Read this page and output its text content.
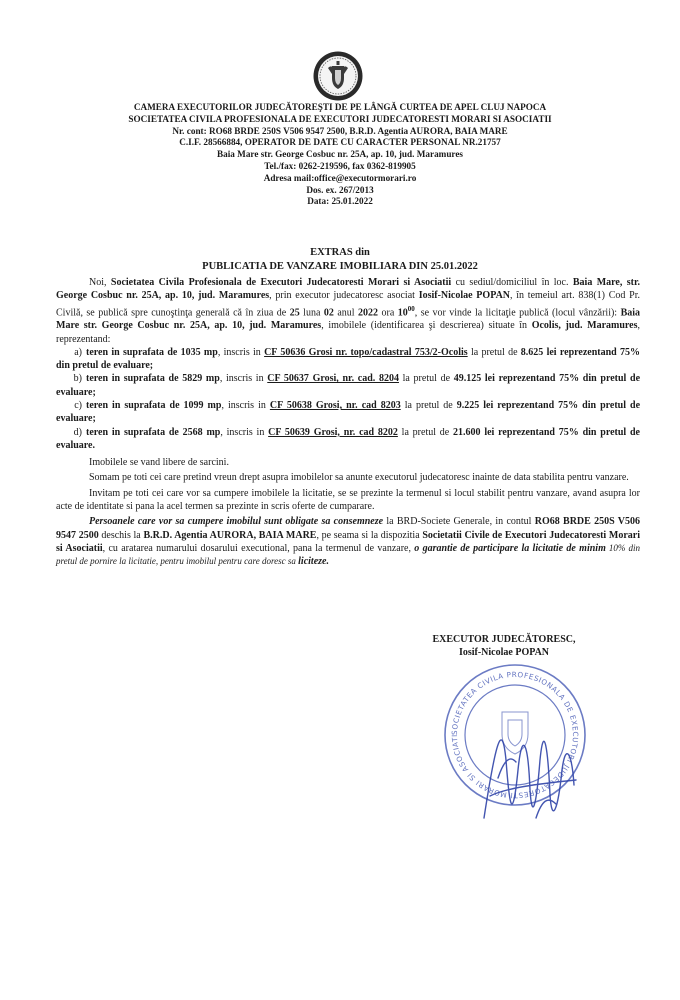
CAMERA EXECUTORILOR JUDECĂTOREŞTI DE PE LÂNGĂ CURTEA DE APEL CLUJ NAPOCA
SOCIETATEA CIVILA PROFESIONALA DE EXECUTORI JUDECATORESTI MORARI SI ASOCIATII
Nr. cont: RO68 BRDE 250S V506 9547 2500, B.R.D. Agentia AURORA, BAIA MARE
C.I.F. 28566884, OPERATOR DE DATE CU CARACTER PERSONAL NR.21757
Baia Mare str. George Cosbuc nr. 25A, ap. 10, jud. Maramures
Tel./fax: 0262-219596, fax 0362-819905
Adresa mail:office@executormorari.ro
Dos. ex. 267/2013
Data: 25.01.2022
EXTRAS din
PUBLICATIA DE VANZARE IMOBILIARA DIN 25.01.2022

Noi, Societatea Civila Profesionala de Executori Judecatoresti Morari si Asociatii cu sediul/domiciliul în loc. Baia Mare, str. George Cosbuc nr. 25A, ap. 10, jud. Maramures, prin executor judecatoresc asociat Iosif-Nicolae POPAN, în temeiul art. 838(1) Cod Pr. Civilă, se publică spre cunoştinţa generală că în ziua de 25 luna 02 anul 2022 ora $10^{00}$, se vor vinde la licitaţie publică (locul vânzării): Baia Mare str. George Cosbuc nr. 25A, ap. 10, jud. Maramures, imobilele (identificarea şi descrierea) situate în Ocolis, jud. Maramures, reprezentand:

a) teren in suprafata de 1035 mp, inscris in CF 50636 Grosi nr. topo/cadastral 753/2-Ocolis la pretul de 8.625 lei reprezentand 75% din pretul de evaluare;

b) teren in suprafata de 5829 mp, inscris in CF 50637 Grosi, nr. cad. 8204 la pretul de 49.125 lei reprezentand 75% din pretul de evaluare;

c) teren in suprafata de 1099 mp, inscris in CF 50638 Grosi, nr. cad 8203 la pretul de 9.225 lei reprezentand 75% din pretul de evaluare;

d) teren in suprafata de 2568 mp, inscris in CF 50639 Grosi, nr. cad 8202 la pretul de 21.600 lei reprezentand 75% din pretul de evaluare.

Imobilele se vand libere de sarcini.

Somam pe toti cei care pretind vreun drept asupra imobilelor sa anunte executorul judecatoresc inainte de data stabilita pentru vanzare.

Invitam pe toti cei care vor sa cumpere imobilele la licitatie, se se prezinte la termenul si locul stabilit pentru vanzare, avand asupra lor acte de identitate si pana la acel termen sa prezinte in scris oferte de cumparare.

Persoanele care vor sa cumpere imobilul sunt obligate sa consemneze la BRD-Societe Generale, in contul RO68 BRDE 250S V506 9547 2500 deschis la B.R.D. Agentia AURORA, BAIA MARE, pe seama si la dispozitia Societatii Civile de Executori Judecatoresti Morari si Asociatii, cu aratarea numarului dosarului executional, pana la termenul de vanzare, o garantie de participare la licitatie de minim 10% din pretul de pornire la licitatie, pentru imobilul pentru care doresc sa liciteze.

EXECUTOR JUDECĂTORESC,
Iosif-Nicolae POPAN
SOCIETATEA CIVILA PROFESIONALA DE EXECUTORI JUDECATORESTI MORARI SI ASOCIATI
